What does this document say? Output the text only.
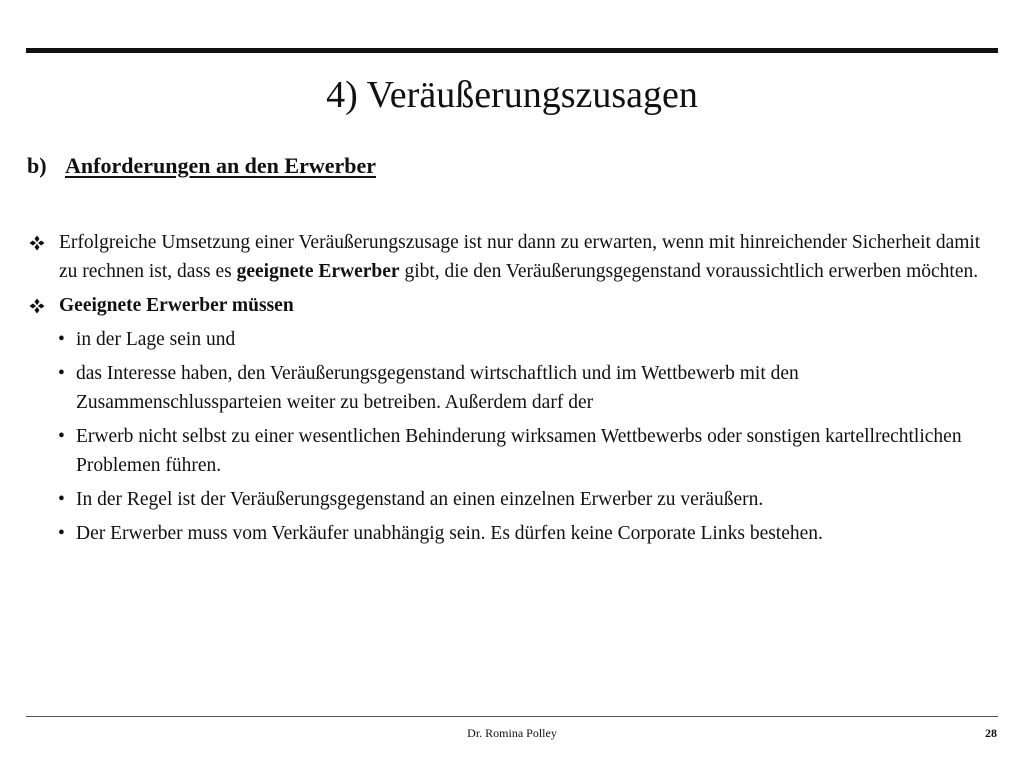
4) Veräußerungszusagen
b) Anforderungen an den Erwerber
Erfolgreiche Umsetzung einer Veräußerungszusage ist nur dann zu erwarten, wenn mit hinreichender Sicherheit damit zu rechnen ist, dass es geeignete Erwerber gibt, die den Veräußerungsgegenstand voraussichtlich erwerben möchten.
Geeignete Erwerber müssen
• in der Lage sein und
• das Interesse haben, den Veräußerungsgegenstand wirtschaftlich und im Wettbewerb mit den Zusammenschlussparteien weiter zu betreiben. Außerdem darf der
• Erwerb nicht selbst zu einer wesentlichen Behinderung wirksamen Wettbewerbs oder sonstigen kartellrechtlichen Problemen führen.
• In der Regel ist der Veräußerungsgegenstand an einen einzelnen Erwerber zu veräußern.
• Der Erwerber muss vom Verkäufer unabhängig sein. Es dürfen keine Corporate Links bestehen.
Dr. Romina Polley	28
